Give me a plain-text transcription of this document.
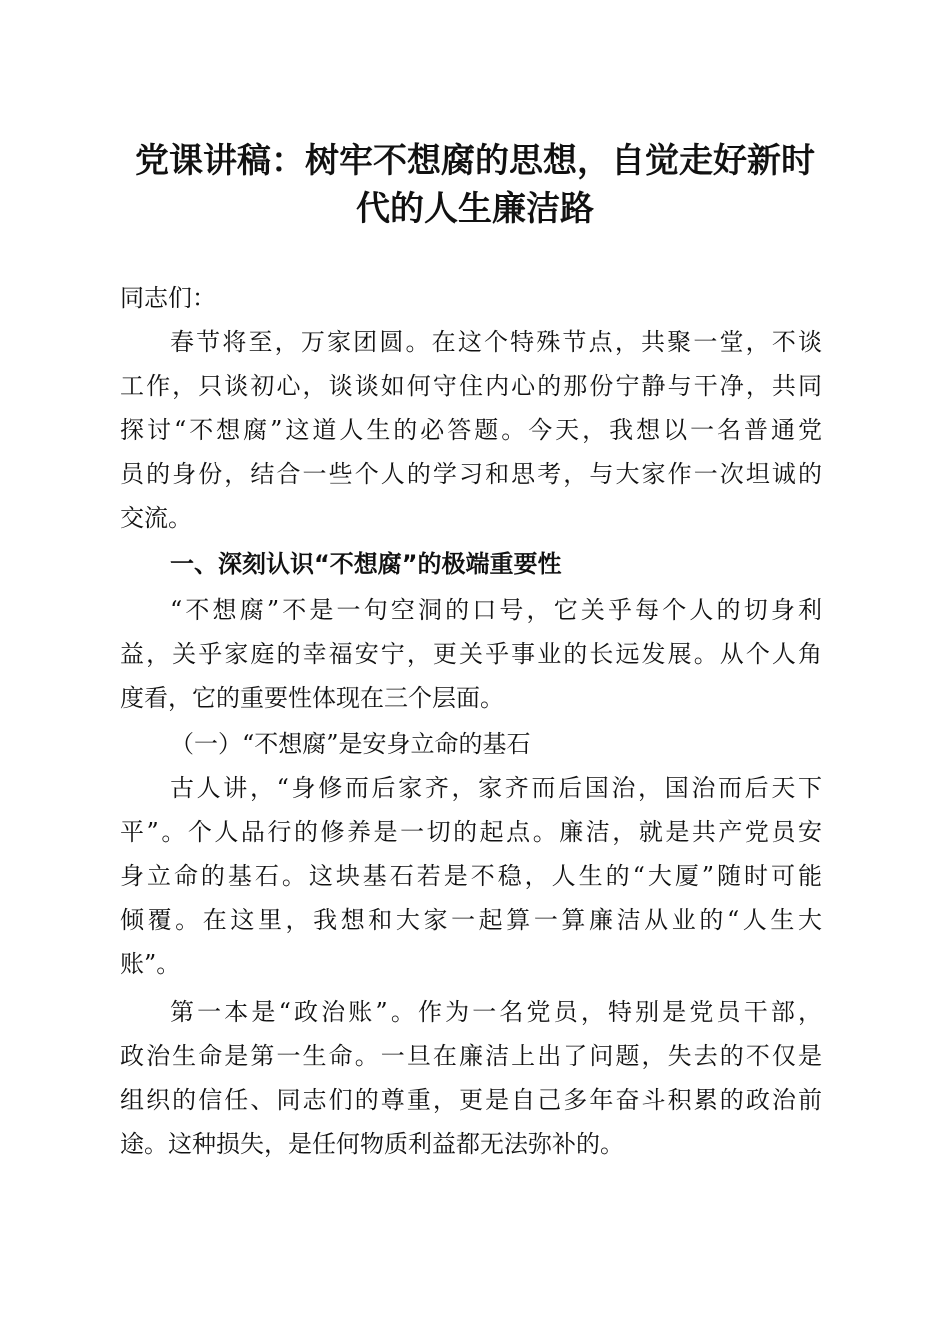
党课讲稿：树牢不想腐的思想，自觉走好新时
代的人生廉洁路
同志们：
春节将至，万家团圆。在这个特殊节点，共聚一堂，不谈
工作，只谈初心，谈谈如何守住内心的那份宁静与干净，共同
探讨“不想腐”这道人生的必答题。今天，我想以一名普通党
员的身份，结合一些个人的学习和思考，与大家作一次坦诚的
交流。
一、深刻认识“不想腐”的极端重要性
“不想腐”不是一句空洞的口号，它关乎每个人的切身利
益，关乎家庭的幸福安宁，更关乎事业的长远发展。从个人角
度看，它的重要性体现在三个层面。
（一）“不想腐”是安身立命的基石
古人讲，“身修而后家齐，家齐而后国治，国治而后天下
平”。个人品行的修养是一切的起点。廉洁，就是共产党员安
身立命的基石。这块基石若是不稳，人生的“大厦”随时可能
倾覆。在这里，我想和大家一起算一算廉洁从业的“人生大
账”。
第一本是“政治账”。作为一名党员，特别是党员干部，
政治生命是第一生命。一旦在廉洁上出了问题，失去的不仅是
组织的信任、同志们的尊重，更是自己多年奋斗积累的政治前
途。这种损失，是任何物质利益都无法弥补的。
